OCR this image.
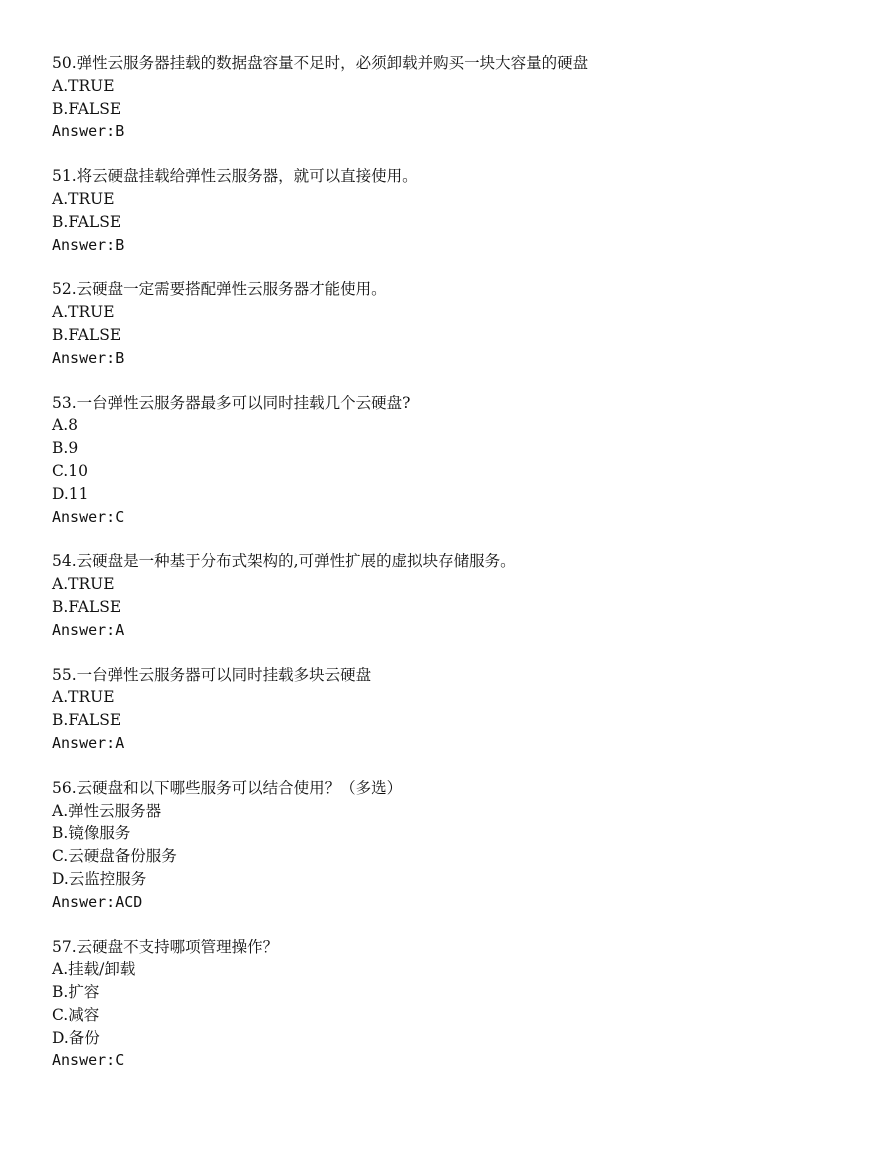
50.弹性云服务器挂载的数据盘容量不足时，必须卸载并购买一块大容量的硬盘
A.TRUE
B.FALSE
Answer:B
51.将云硬盘挂载给弹性云服务器，就可以直接使用。
A.TRUE
B.FALSE
Answer:B
52.云硬盘一定需要搭配弹性云服务器才能使用。
A.TRUE
B.FALSE
Answer:B
53.一台弹性云服务器最多可以同时挂载几个云硬盘?
A.8
B.9
C.10
D.11
Answer:C
54.云硬盘是一种基于分布式架构的,可弹性扩展的虚拟块存储服务。
A.TRUE
B.FALSE
Answer:A
55.一台弹性云服务器可以同时挂载多块云硬盘
A.TRUE
B.FALSE
Answer:A
56.云硬盘和以下哪些服务可以结合使用？（多选）
A.弹性云服务器
B.镜像服务
C.云硬盘备份服务
D.云监控服务
Answer:ACD
57.云硬盘不支持哪项管理操作？
A.挂载/卸载
B.扩容
C.减容
D.备份
Answer:C
